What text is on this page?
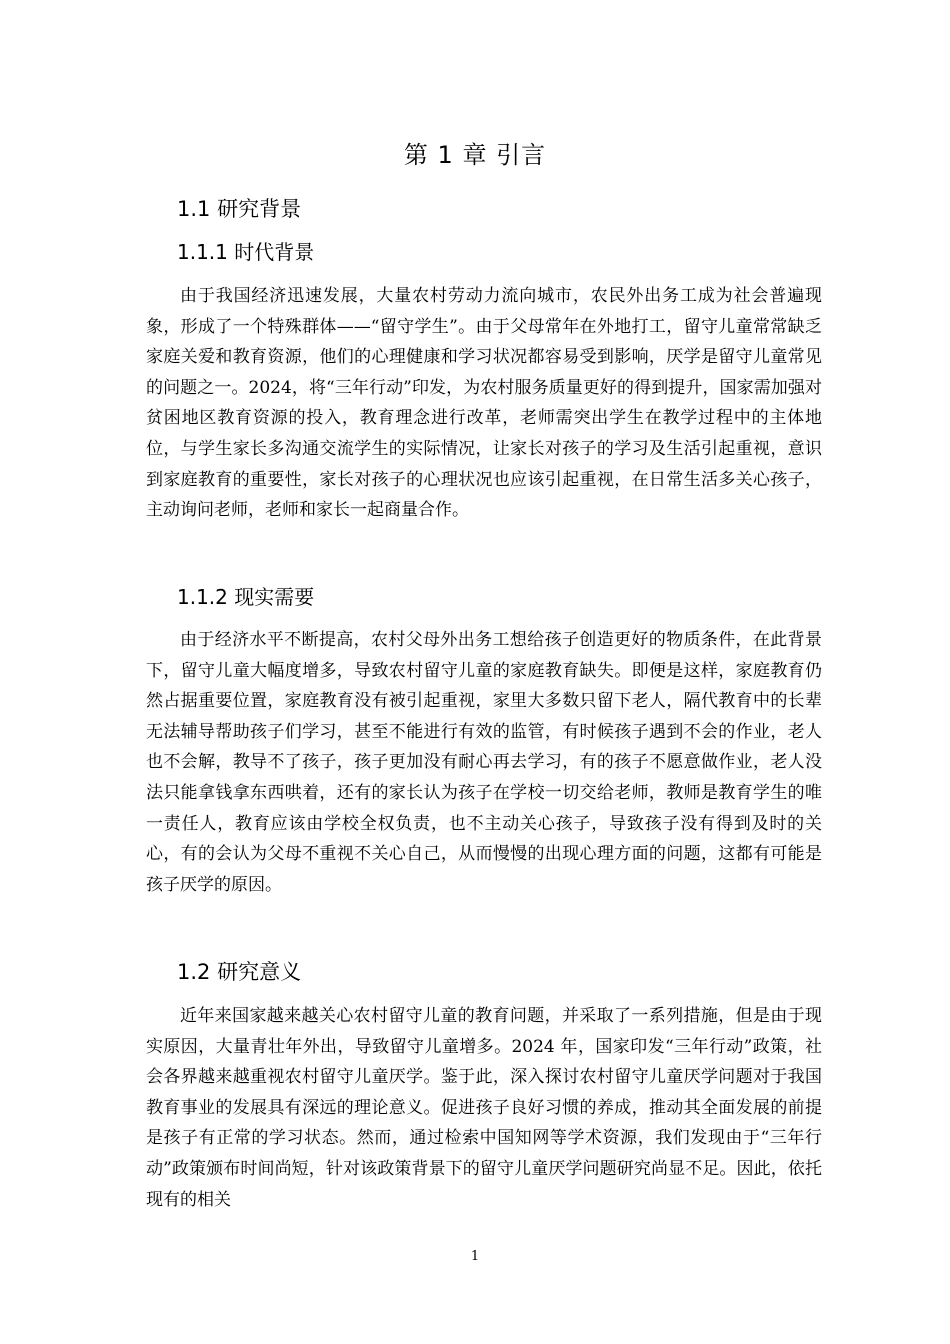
第 1 章 引言
1.1 研究背景
1.1.1 时代背景

由于我国经济迅速发展，大量农村劳动力流向城市，农民外出务工成为社会普遍现象，形成了一个特殊群体——“留守学生”。由于父母常年在外地打工，留守儿童常常缺乏家庭关爱和教育资源，他们的心理健康和学习状况都容易受到影响，厌学是留守儿童常见的问题之一。2024，将“三年行动”印发，为农村服务质量更好的得到提升，国家需加强对贫困地区教育资源的投入，教育理念进行改革，老师需突出学生在教学过程中的主体地位，与学生家长多沟通交流学生的实际情况，让家长对孩子的学习及生活引起重视，意识到家庭教育的重要性，家长对孩子的心理状况也应该引起重视，在日常生活多关心孩子，主动询问老师，老师和家长一起商量合作。

1.1.2 现实需要

由于经济水平不断提高，农村父母外出务工想给孩子创造更好的物质条件，在此背景下，留守儿童大幅度增多，导致农村留守儿童的家庭教育缺失。即便是这样，家庭教育仍然占据重要位置，家庭教育没有被引起重视，家里大多数只留下老人，隔代教育中的长辈无法辅导帮助孩子们学习，甚至不能进行有效的监管，有时候孩子遇到不会的作业，老人也不会解，教导不了孩子，孩子更加没有耐心再去学习，有的孩子不愿意做作业，老人没法只能拿钱拿东西哄着，还有的家长认为孩子在学校一切交给老师，教师是教育学生的唯一责任人，教育应该由学校全权负责，也不主动关心孩子，导致孩子没有得到及时的关心，有的会认为父母不重视不关心自己，从而慢慢的出现心理方面的问题，这都有可能是孩子厌学的原因。

1.2 研究意义

近年来国家越来越关心农村留守儿童的教育问题，并采取了一系列措施，但是由于现实原因，大量青壮年外出，导致留守儿童增多。2024 年，国家印发“三年行动”政策，社会各界越来越重视农村留守儿童厌学。鉴于此，深入探讨农村留守儿童厌学问题对于我国教育事业的发展具有深远的理论意义。促进孩子良好习惯的养成，推动其全面发展的前提是孩子有正常的学习状态。然而，通过检索中国知网等学术资源，我们发现由于“三年行动”政策颁布时间尚短，针对该政策背景下的留守儿童厌学问题研究尚显不足。因此，依托现有的相关

1
